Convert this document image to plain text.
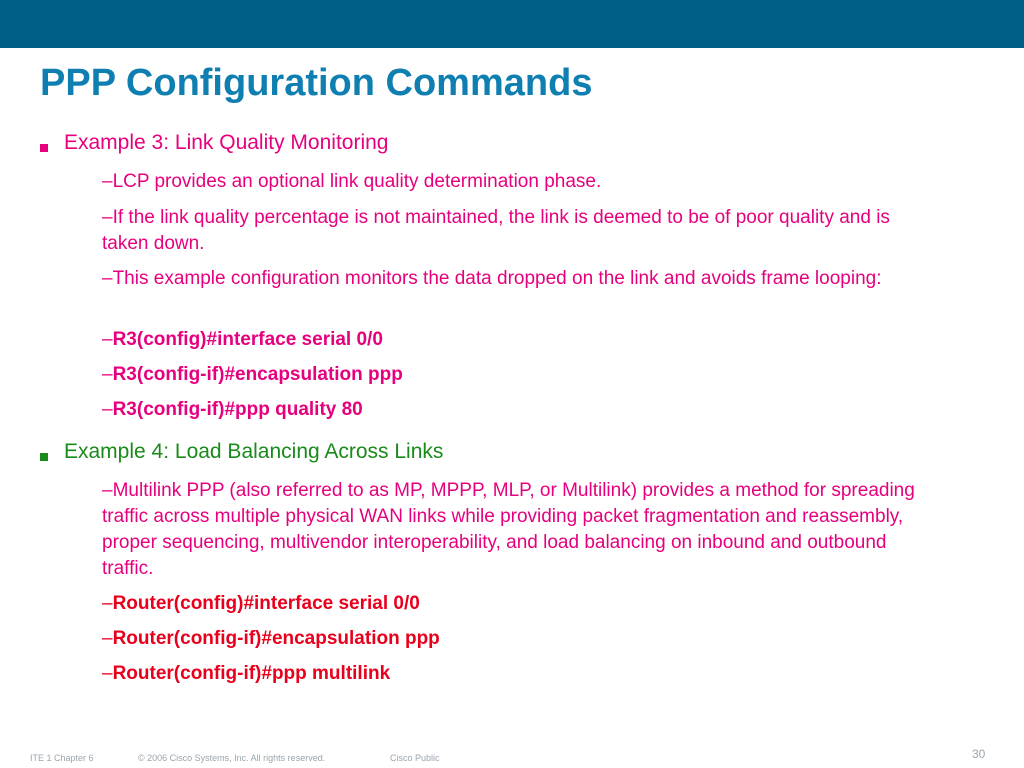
PPP Configuration Commands
Example 3: Link Quality Monitoring
–LCP provides an optional link quality determination phase.
–If the link quality percentage is not maintained, the link is deemed to be of poor quality and is taken down.
–This example configuration monitors the data dropped on the link and avoids frame looping:
–R3(config)#interface serial 0/0
–R3(config-if)#encapsulation ppp
–R3(config-if)#ppp quality 80
Example 4: Load Balancing Across Links
–Multilink PPP (also referred to as MP, MPPP, MLP, or Multilink) provides a method for spreading traffic across multiple physical WAN links while providing packet fragmentation and reassembly, proper sequencing, multivendor interoperability, and load balancing on inbound and outbound traffic.
–Router(config)#interface serial 0/0
–Router(config-if)#encapsulation ppp
–Router(config-if)#ppp multilink
ITE 1 Chapter 6	© 2006 Cisco Systems, Inc. All rights reserved.	Cisco Public	30
